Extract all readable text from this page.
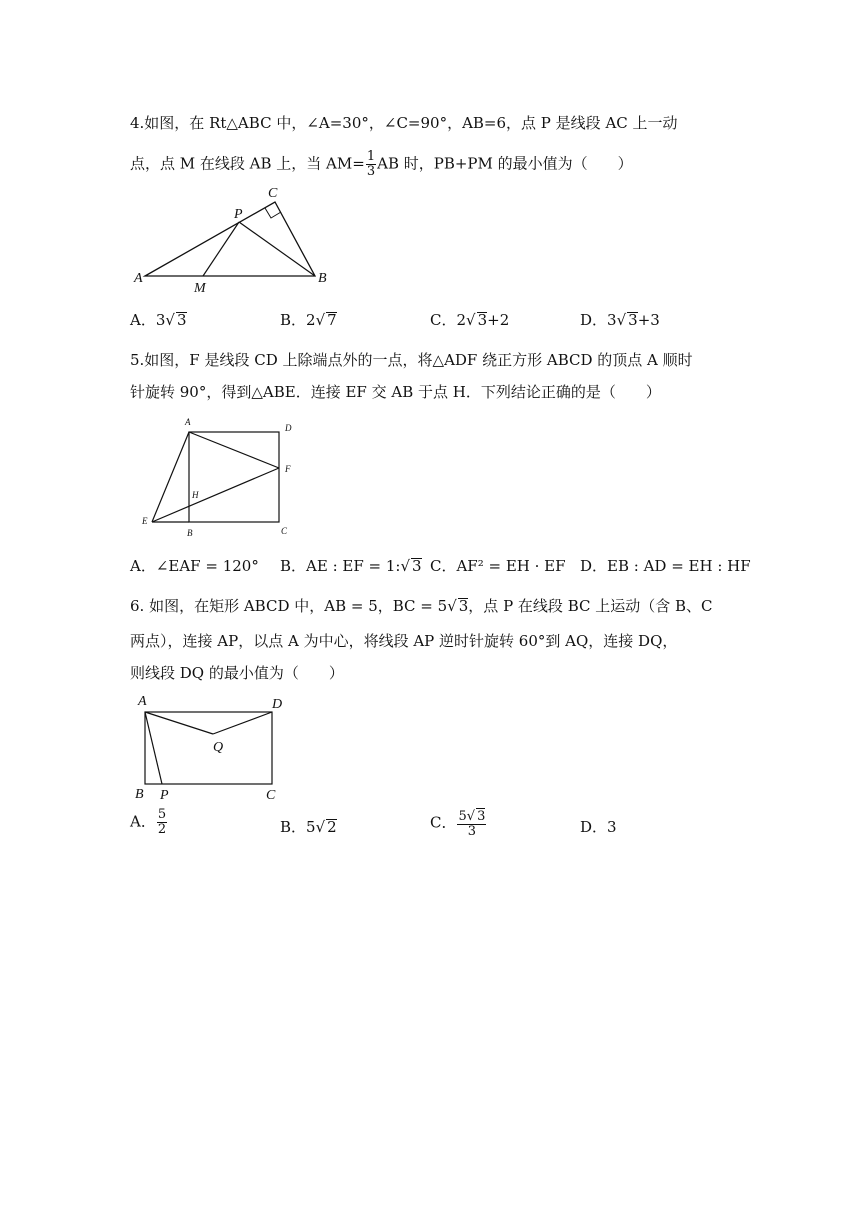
4.如图，在 Rt△ABC 中，∠A=30°，∠C=90°，AB=6，点 P 是线段 AC 上一动
点，点 M 在线段 AB 上，当 $AM= \frac{1}{3}$ AB 时，PB+PM 的最小值为（　　）
A	B
C
P
M
A．3√ 3	B．2√ 7	C．2√ 3+2	D．3√ 3+3
5.如图，F 是线段 CD 上除端点外的一点，将△ADF 绕正方形 ABCD 的顶点 A 顺时
针旋转 90°，得到△ABE．连接 EF 交 AB 于点 H．下列结论正确的是（　　）
A
D
F
H
E
B	C
A．∠EAF = 120° B．AE : EF = 1:√ 3 C．AF² = EH · EF D．EB : AD = EH : HF
6. 如图，在矩形 ABCD 中，AB = 5，BC = 5√ 3，点 P 在线段 BC 上运动（含 B、C
两点），连接 AP，以点 A 为中心，将线段 AP 逆时针旋转 60°到 AQ，连接 DQ，
则线段 DQ 的最小值为（　　）
A	D
Q
B P	C
A． $\frac{5}{2}$	B．5√ 2	C． $\frac{5√ 3}{3}$	D．3
